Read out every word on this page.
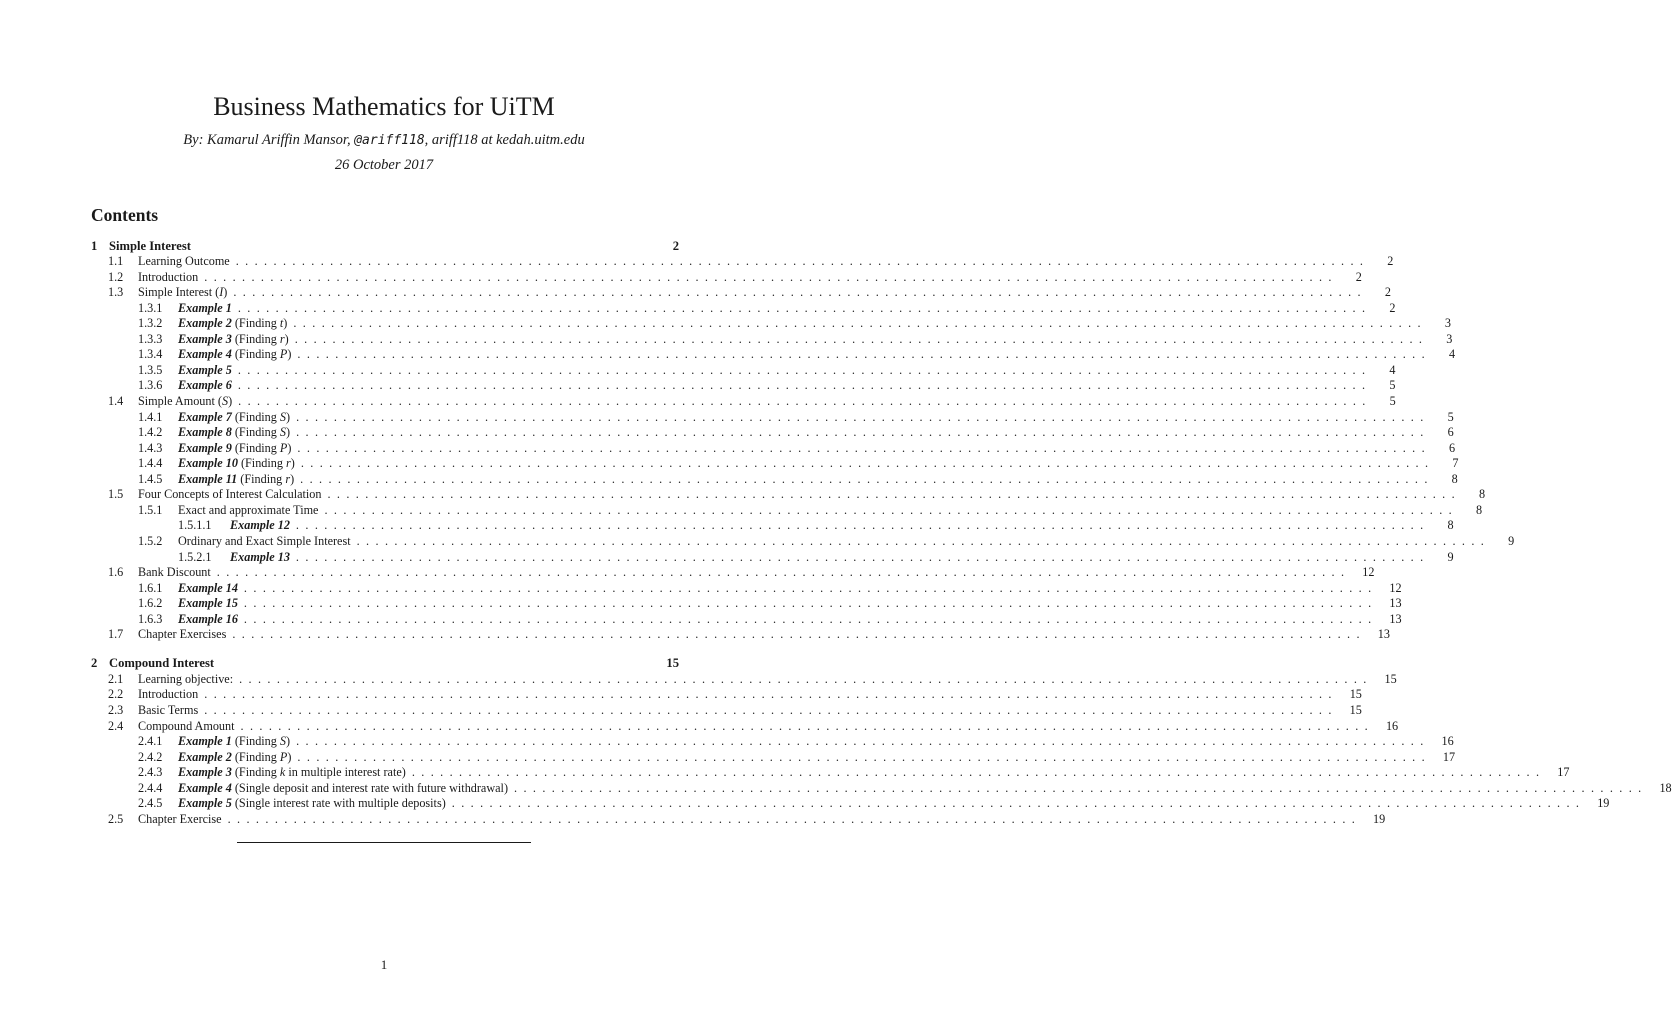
Business Mathematics for UiTM
By: Kamarul Ariffin Mansor, @ariff118, ariff118 at kedah.uitm.edu
26 October 2017
Contents
1 Simple Interest	2
1.1	Learning Outcome ........................................................................................................................	2
1.2	Introduction ........................................................................................................................	2
1.3	Simple Interest (I) ........................................................................................................................	2
1.3.1	Example 1 ........................................................................................................................	2
1.3.2	Example 2 (Finding t) ........................................................................................................................	3
1.3.3	Example 3 (Finding r) ........................................................................................................................	3
1.3.4	Example 4 (Finding P) ........................................................................................................................	4
1.3.5	Example 5 ........................................................................................................................	4
1.3.6	Example 6 ........................................................................................................................	5
1.4	Simple Amount (S) ........................................................................................................................	5
1.4.1	Example 7 (Finding S) ........................................................................................................................	5
1.4.2	Example 8 (Finding S) ........................................................................................................................	6
1.4.3	Example 9 (Finding P) ........................................................................................................................	6
1.4.4	Example 10 (Finding r) ........................................................................................................................	7
1.4.5	Example 11 (Finding r) ........................................................................................................................	8
1.5	Four Concepts of Interest Calculation ........................................................................................................................	8
1.5.1	Exact and approximate Time ........................................................................................................................	8
1.5.1.1	Example 12 ........................................................................................................................	8
1.5.2	Ordinary and Exact Simple Interest ........................................................................................................................	9
1.5.2.1	Example 13 ........................................................................................................................	9
1.6	Bank Discount ........................................................................................................................ 12
1.6.1	Example 14 ........................................................................................................................ 12
1.6.2	Example 15 ........................................................................................................................ 13
1.6.3	Example 16 ........................................................................................................................ 13
1.7	Chapter Exercises ........................................................................................................................ 13
2 Compound Interest	15
2.1	Learning objective: ........................................................................................................................ 15
2.2	Introduction ........................................................................................................................ 15
2.3	Basic Terms ........................................................................................................................ 15
2.4	Compound Amount ........................................................................................................................ 16
2.4.1	Example 1 (Finding S) ........................................................................................................................ 16
2.4.2	Example 2 (Finding P) ........................................................................................................................ 17
2.4.3	Example 3 (Finding k in multiple interest rate) ........................................................................................................................ 17
2.4.4	Example 4 (Single deposit and interest rate with future withdrawal) ........................................................................................................................ 18
2.4.5	Example 5 (Single interest rate with multiple deposits) ........................................................................................................................ 19
2.5	Chapter Exercise ........................................................................................................................ 19
1
